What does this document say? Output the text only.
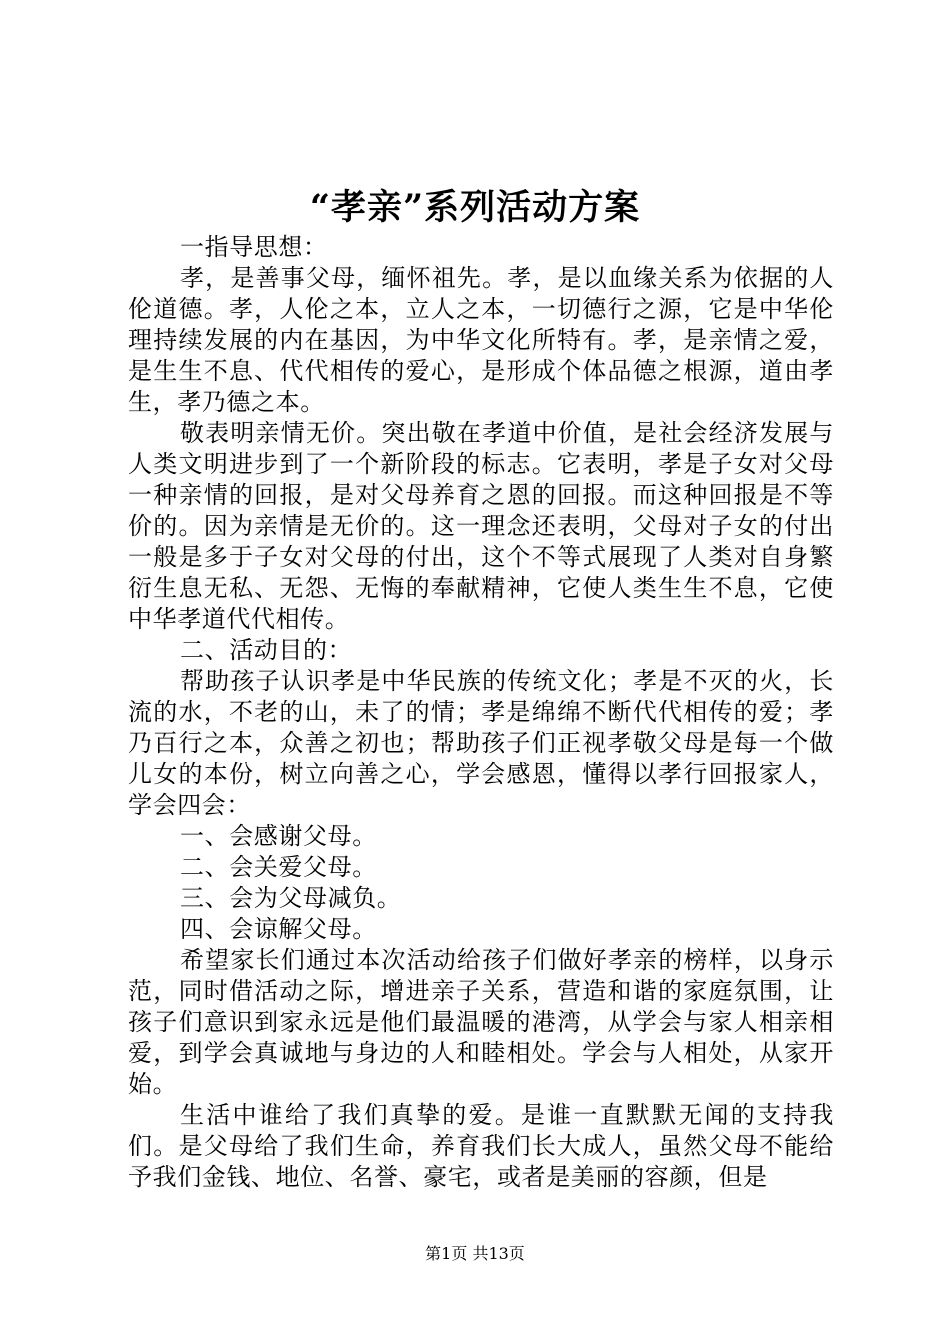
“孝亲”系列活动方案

一指导思想：

孝，是善事父母，缅怀祖先。孝，是以血缘关系为依据的人伦道德。孝，人伦之本，立人之本，一切德行之源，它是中华伦理持续发展的内在基因，为中华文化所特有。孝，是亲情之爱，是生生不息、代代相传的爱心，是形成个体品德之根源，道由孝生，孝乃德之本。

敬表明亲情无价。突出敬在孝道中价值，是社会经济发展与人类文明进步到了一个新阶段的标志。它表明，孝是子女对父母一种亲情的回报，是对父母养育之恩的回报。而这种回报是不等价的。因为亲情是无价的。这一理念还表明，父母对子女的付出一般是多于子女对父母的付出，这个不等式展现了人类对自身繁衍生息无私、无怨、无悔的奉献精神，它使人类生生不息，它使中华孝道代代相传。

二、活动目的：

帮助孩子认识孝是中华民族的传统文化；孝是不灭的火，长流的水，不老的山，未了的情；孝是绵绵不断代代相传的爱；孝乃百行之本，众善之初也；帮助孩子们正视孝敬父母是每一个做儿女的本份，树立向善之心，学会感恩，懂得以孝行回报家人，学会四会：

一、会感谢父母。

二、会关爱父母。

三、会为父母减负。

四、会谅解父母。

希望家长们通过本次活动给孩子们做好孝亲的榜样，以身示范，同时借活动之际，增进亲子关系，营造和谐的家庭氛围，让孩子们意识到家永远是他们最温暖的港湾，从学会与家人相亲相爱，到学会真诚地与身边的人和睦相处。学会与人相处，从家开始。

生活中谁给了我们真挚的爱。是谁一直默默无闻的支持我们。是父母给了我们生命，养育我们长大成人，虽然父母不能给予我们金钱、地位、名誉、豪宅，或者是美丽的容颜，但是

第1页 共13页
